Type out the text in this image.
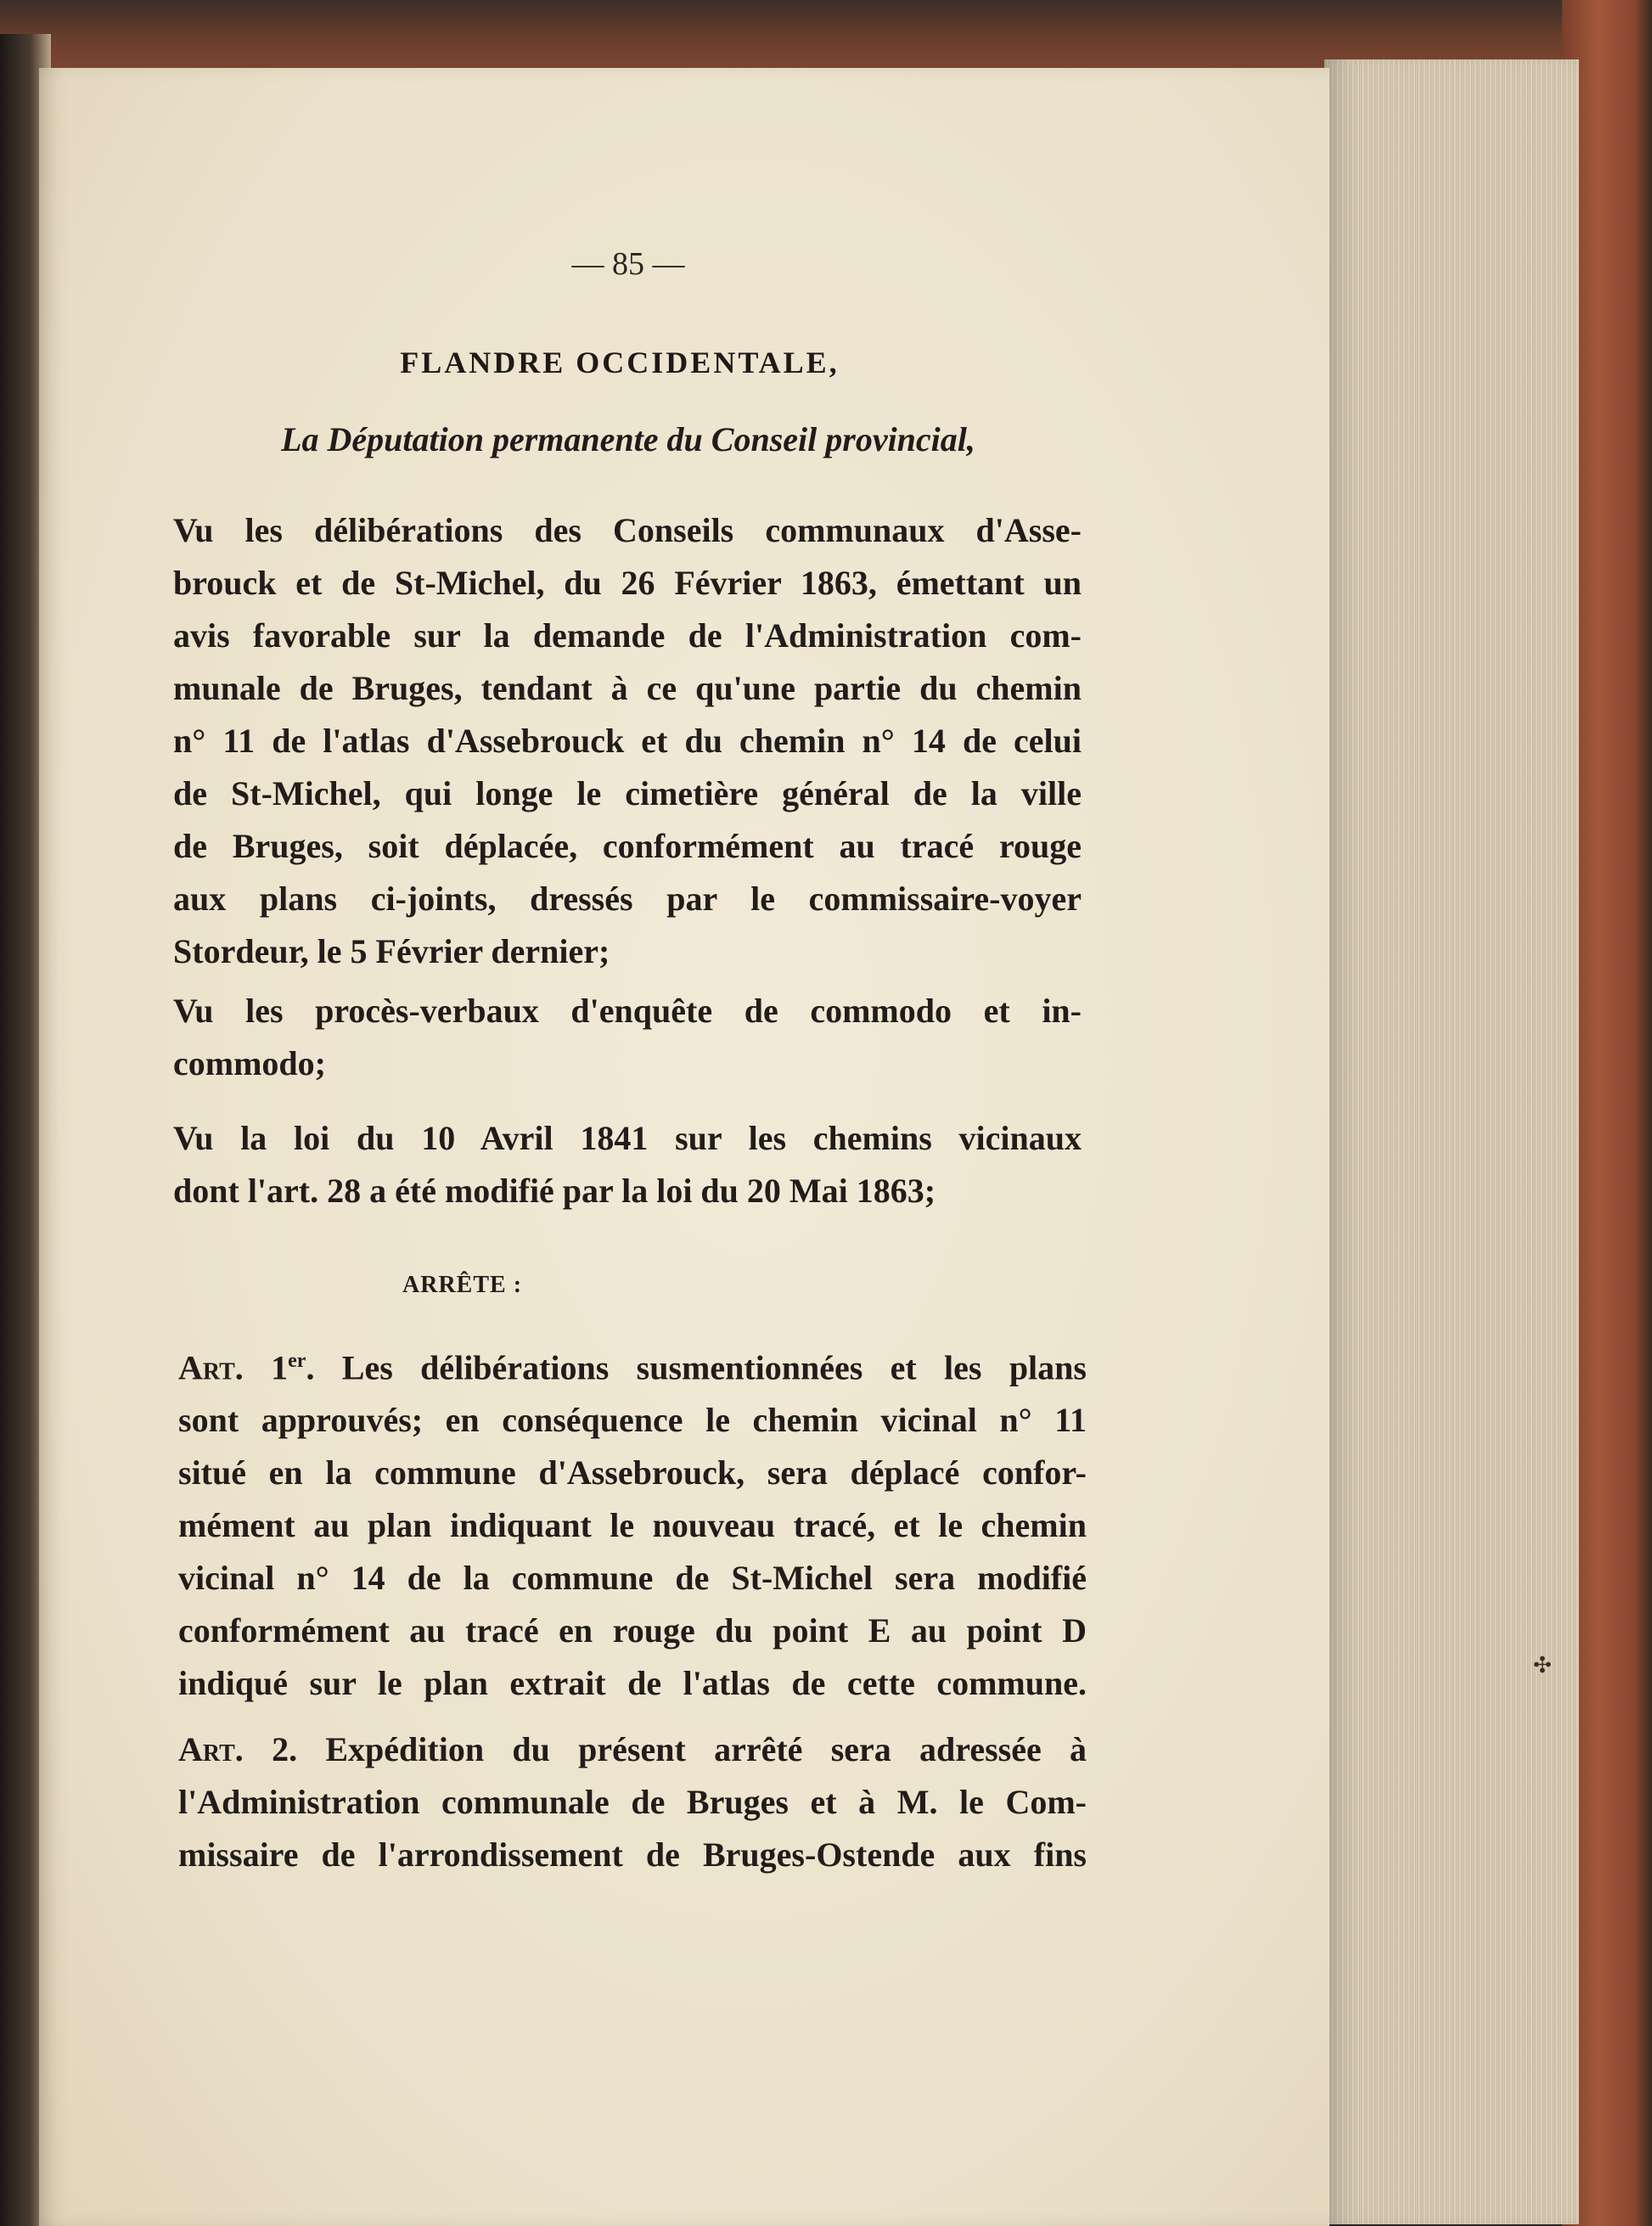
— 85 —
FLANDRE OCCIDENTALE,
La Députation permanente du Conseil provincial,

Vu les délibérations des Conseils communaux d'Asse-
brouck et de St-Michel, du 26 Février 1863, émettant un
avis favorable sur la demande de l'Administration com-
munale de Bruges, tendant à ce qu'une partie du chemin
n° 11 de l'atlas d'Assebrouck et du chemin n° 14 de celui
de St-Michel, qui longe le cimetière général de la ville
de Bruges, soit déplacée, conformément au tracé rouge
aux plans ci-joints, dressés par le commissaire-voyer
Stordeur, le 5 Février dernier;

Vu les procès-verbaux d'enquête de commodo et in-
commodo;

Vu la loi du 10 Avril 1841 sur les chemins vicinaux
dont l'art. 28 a été modifié par la loi du 20 Mai 1863;

ARRÊTE :

Art. 1er. Les délibérations susmentionnées et les plans
sont approuvés; en conséquence le chemin vicinal n° 11
situé en la commune d'Assebrouck, sera déplacé confor-
mément au plan indiquant le nouveau tracé, et le chemin
vicinal n° 14 de la commune de St-Michel sera modifié
conformément au tracé en rouge du point E au point D
indiqué sur le plan extrait de l'atlas de cette commune.

Art. 2. Expédition du présent arrêté sera adressée à
l'Administration communale de Bruges et à M. le Com-
missaire de l'arrondissement de Bruges-Ostende aux fins

✣
